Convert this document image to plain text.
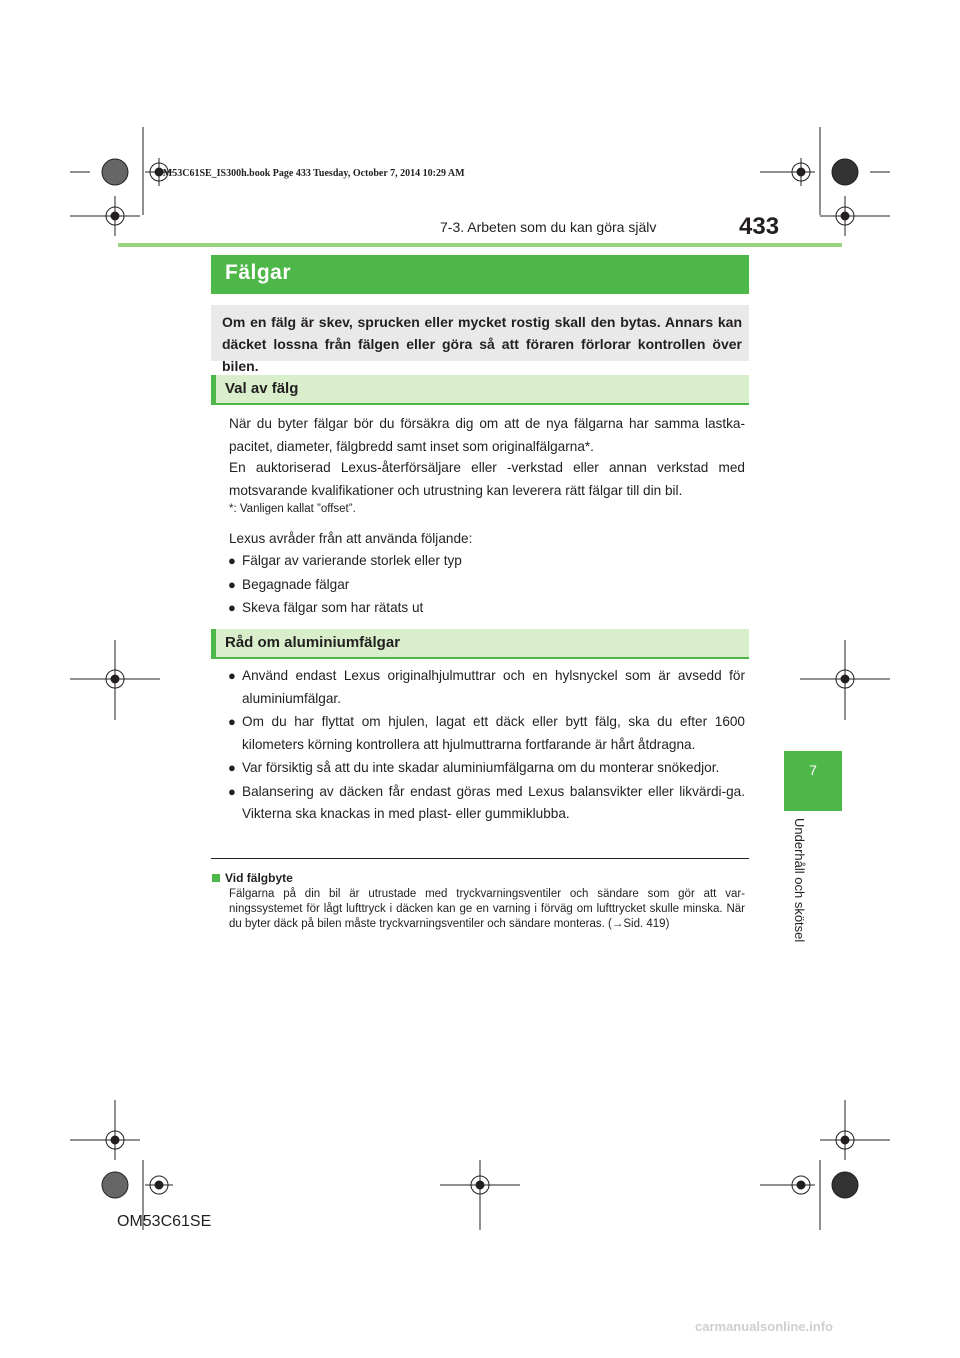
OM53C61SE_IS300h.book Page 433 Tuesday, October 7, 2014 10:29 AM
7-3. Arbeten som du kan göra själv	433
7
Underhåll och skötsel
Fälgar
Om en fälg är skev, sprucken eller mycket rostig skall den bytas. Annars kan däcket lossna från fälgen eller göra så att föraren förlorar kontrollen över bilen.
Val av fälg
När du byter fälgar bör du försäkra dig om att de nya fälgarna har samma lastka-pacitet, diameter, fälgbredd samt inset som originalfälgarna*.
En auktoriserad Lexus-återförsäljare eller -verkstad eller annan verkstad med motsvarande kvalifikationer och utrustning kan leverera rätt fälgar till din bil.
*: Vanligen kallat ”offset”.
Lexus avråder från att använda följande:
● Fälgar av varierande storlek eller typ
● Begagnade fälgar
● Skeva fälgar som har rätats ut
Råd om aluminiumfälgar
● Använd endast Lexus originalhjulmuttrar och en hylsnyckel som är avsedd för aluminiumfälgar.
● Om du har flyttat om hjulen, lagat ett däck eller bytt fälg, ska du efter 1600 kilometers körning kontrollera att hjulmuttrarna fortfarande är hårt åtdragna.
● Var försiktig så att du inte skadar aluminiumfälgarna om du monterar snökedjor.
● Balansering av däcken får endast göras med Lexus balansvikter eller likvärdi-ga. Vikterna ska knackas in med plast- eller gummiklubba.
Vid fälgbyte
Fälgarna på din bil är utrustade med tryckvarningsventiler och sändare som gör att var-ningssystemet för lågt lufttryck i däcken kan ge en varning i förväg om lufttrycket skulle minska. När du byter däck på bilen måste tryckvarningsventiler och sändare monteras. (→Sid. 419)
OM53C61SE
carmanualsonline.info
